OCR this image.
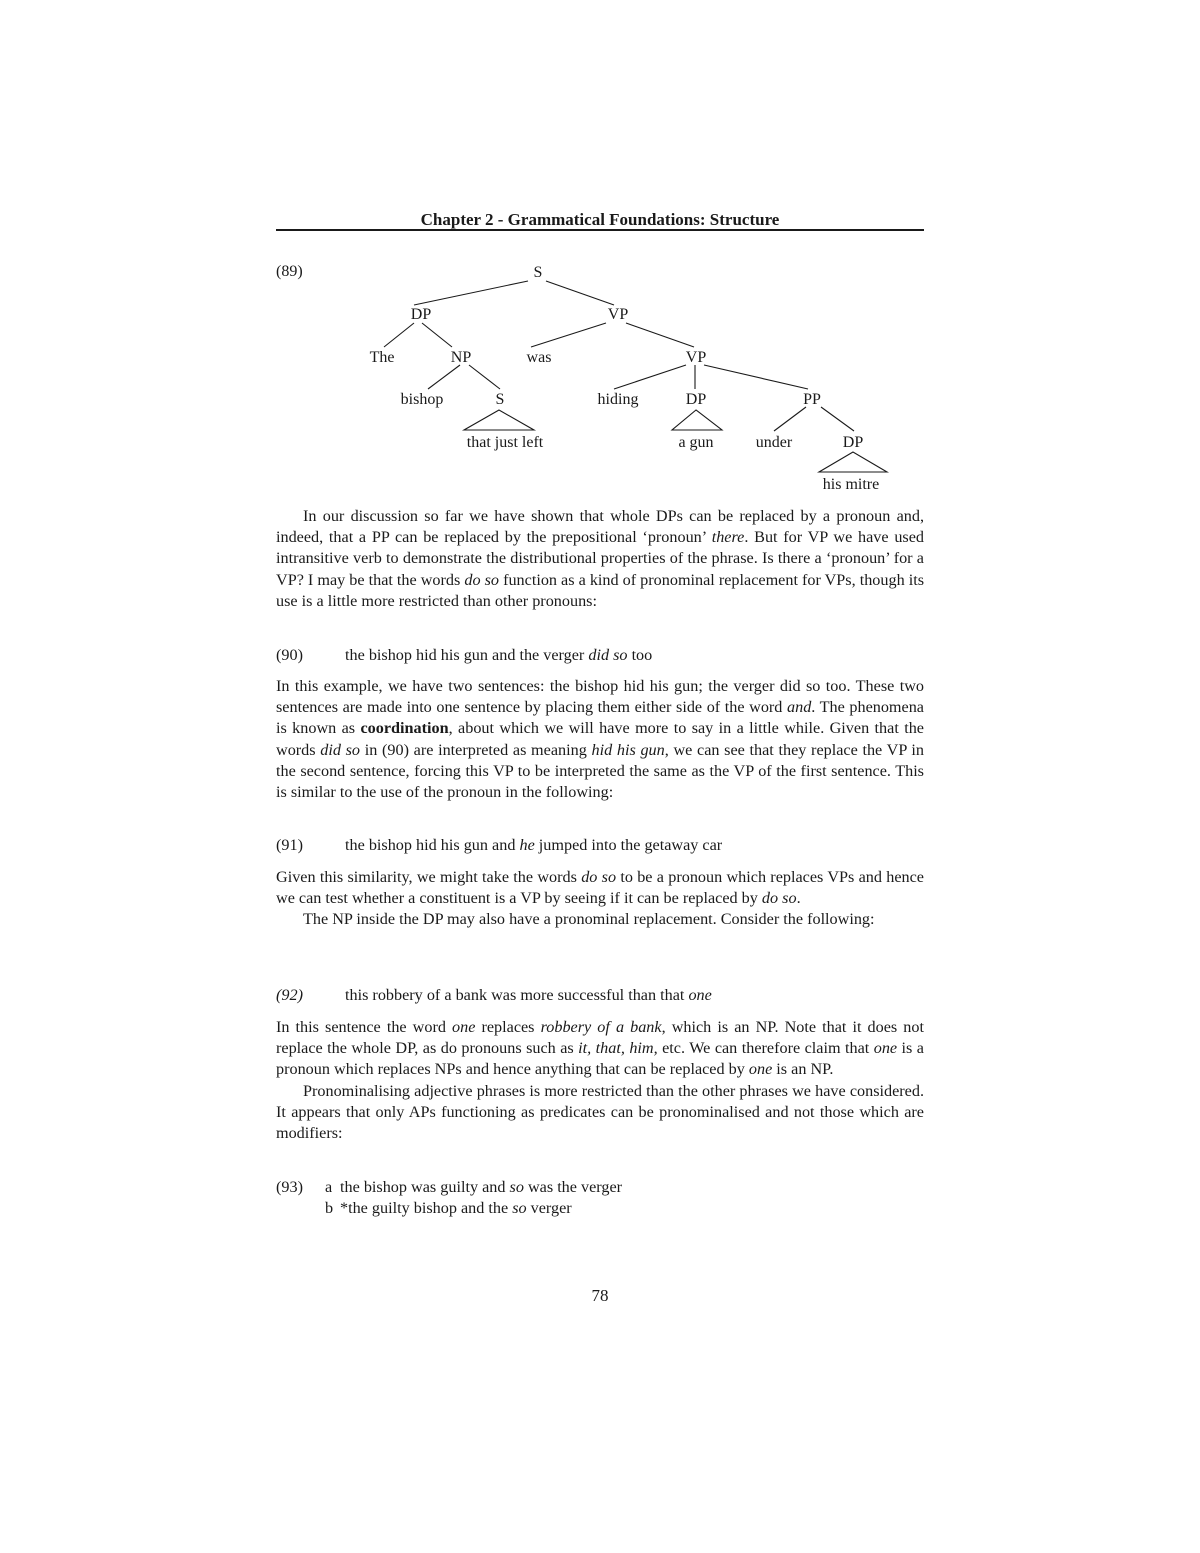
Chapter 2 - Grammatical Foundations: Structure
(89)	S
DP	VP
The	NP	was	VP
bishop	S	hiding	DP	PP
that just left	a gun	under	DP
his mitre

In our discussion so far we have shown that whole DPs can be replaced by a pronoun and, indeed, that a PP can be replaced by the prepositional ‘pronoun’ there. But for VP we have used intransitive verb to demonstrate the distributional properties of the phrase. Is there a ‘pronoun’ for a VP? I may be that the words do so function as a kind of pronominal replacement for VPs, though its use is a little more restricted than other pronouns:

(90)	the bishop hid his gun and the verger did so too

In this example, we have two sentences: the bishop hid his gun; the verger did so too. These two sentences are made into one sentence by placing them either side of the word and. The phenomena is known as coordination, about which we will have more to say in a little while. Given that the words did so in (90) are interpreted as meaning hid his gun, we can see that they replace the VP in the second sentence, forcing this VP to be interpreted the same as the VP of the first sentence. This is similar to the use of the pronoun in the following:

(91)	the bishop hid his gun and he jumped into the getaway car

Given this similarity, we might take the words do so to be a pronoun which replaces VPs and hence we can test whether a constituent is a VP by seeing if it can be replaced by do so.

The NP inside the DP may also have a pronominal replacement. Consider the following:

(92)	this robbery of a bank was more successful than that one

In this sentence the word one replaces robbery of a bank, which is an NP. Note that it does not replace the whole DP, as do pronouns such as it, that, him, etc. We can therefore claim that one is a pronoun which replaces NPs and hence anything that can be replaced by one is an NP.

Pronominalising adjective phrases is more restricted than the other phrases we have considered. It appears that only APs functioning as predicates can be pronominalised and not those which are modifiers:

(93) a the bishop was guilty and so was the verger
b *the guilty bishop and the so verger
78
